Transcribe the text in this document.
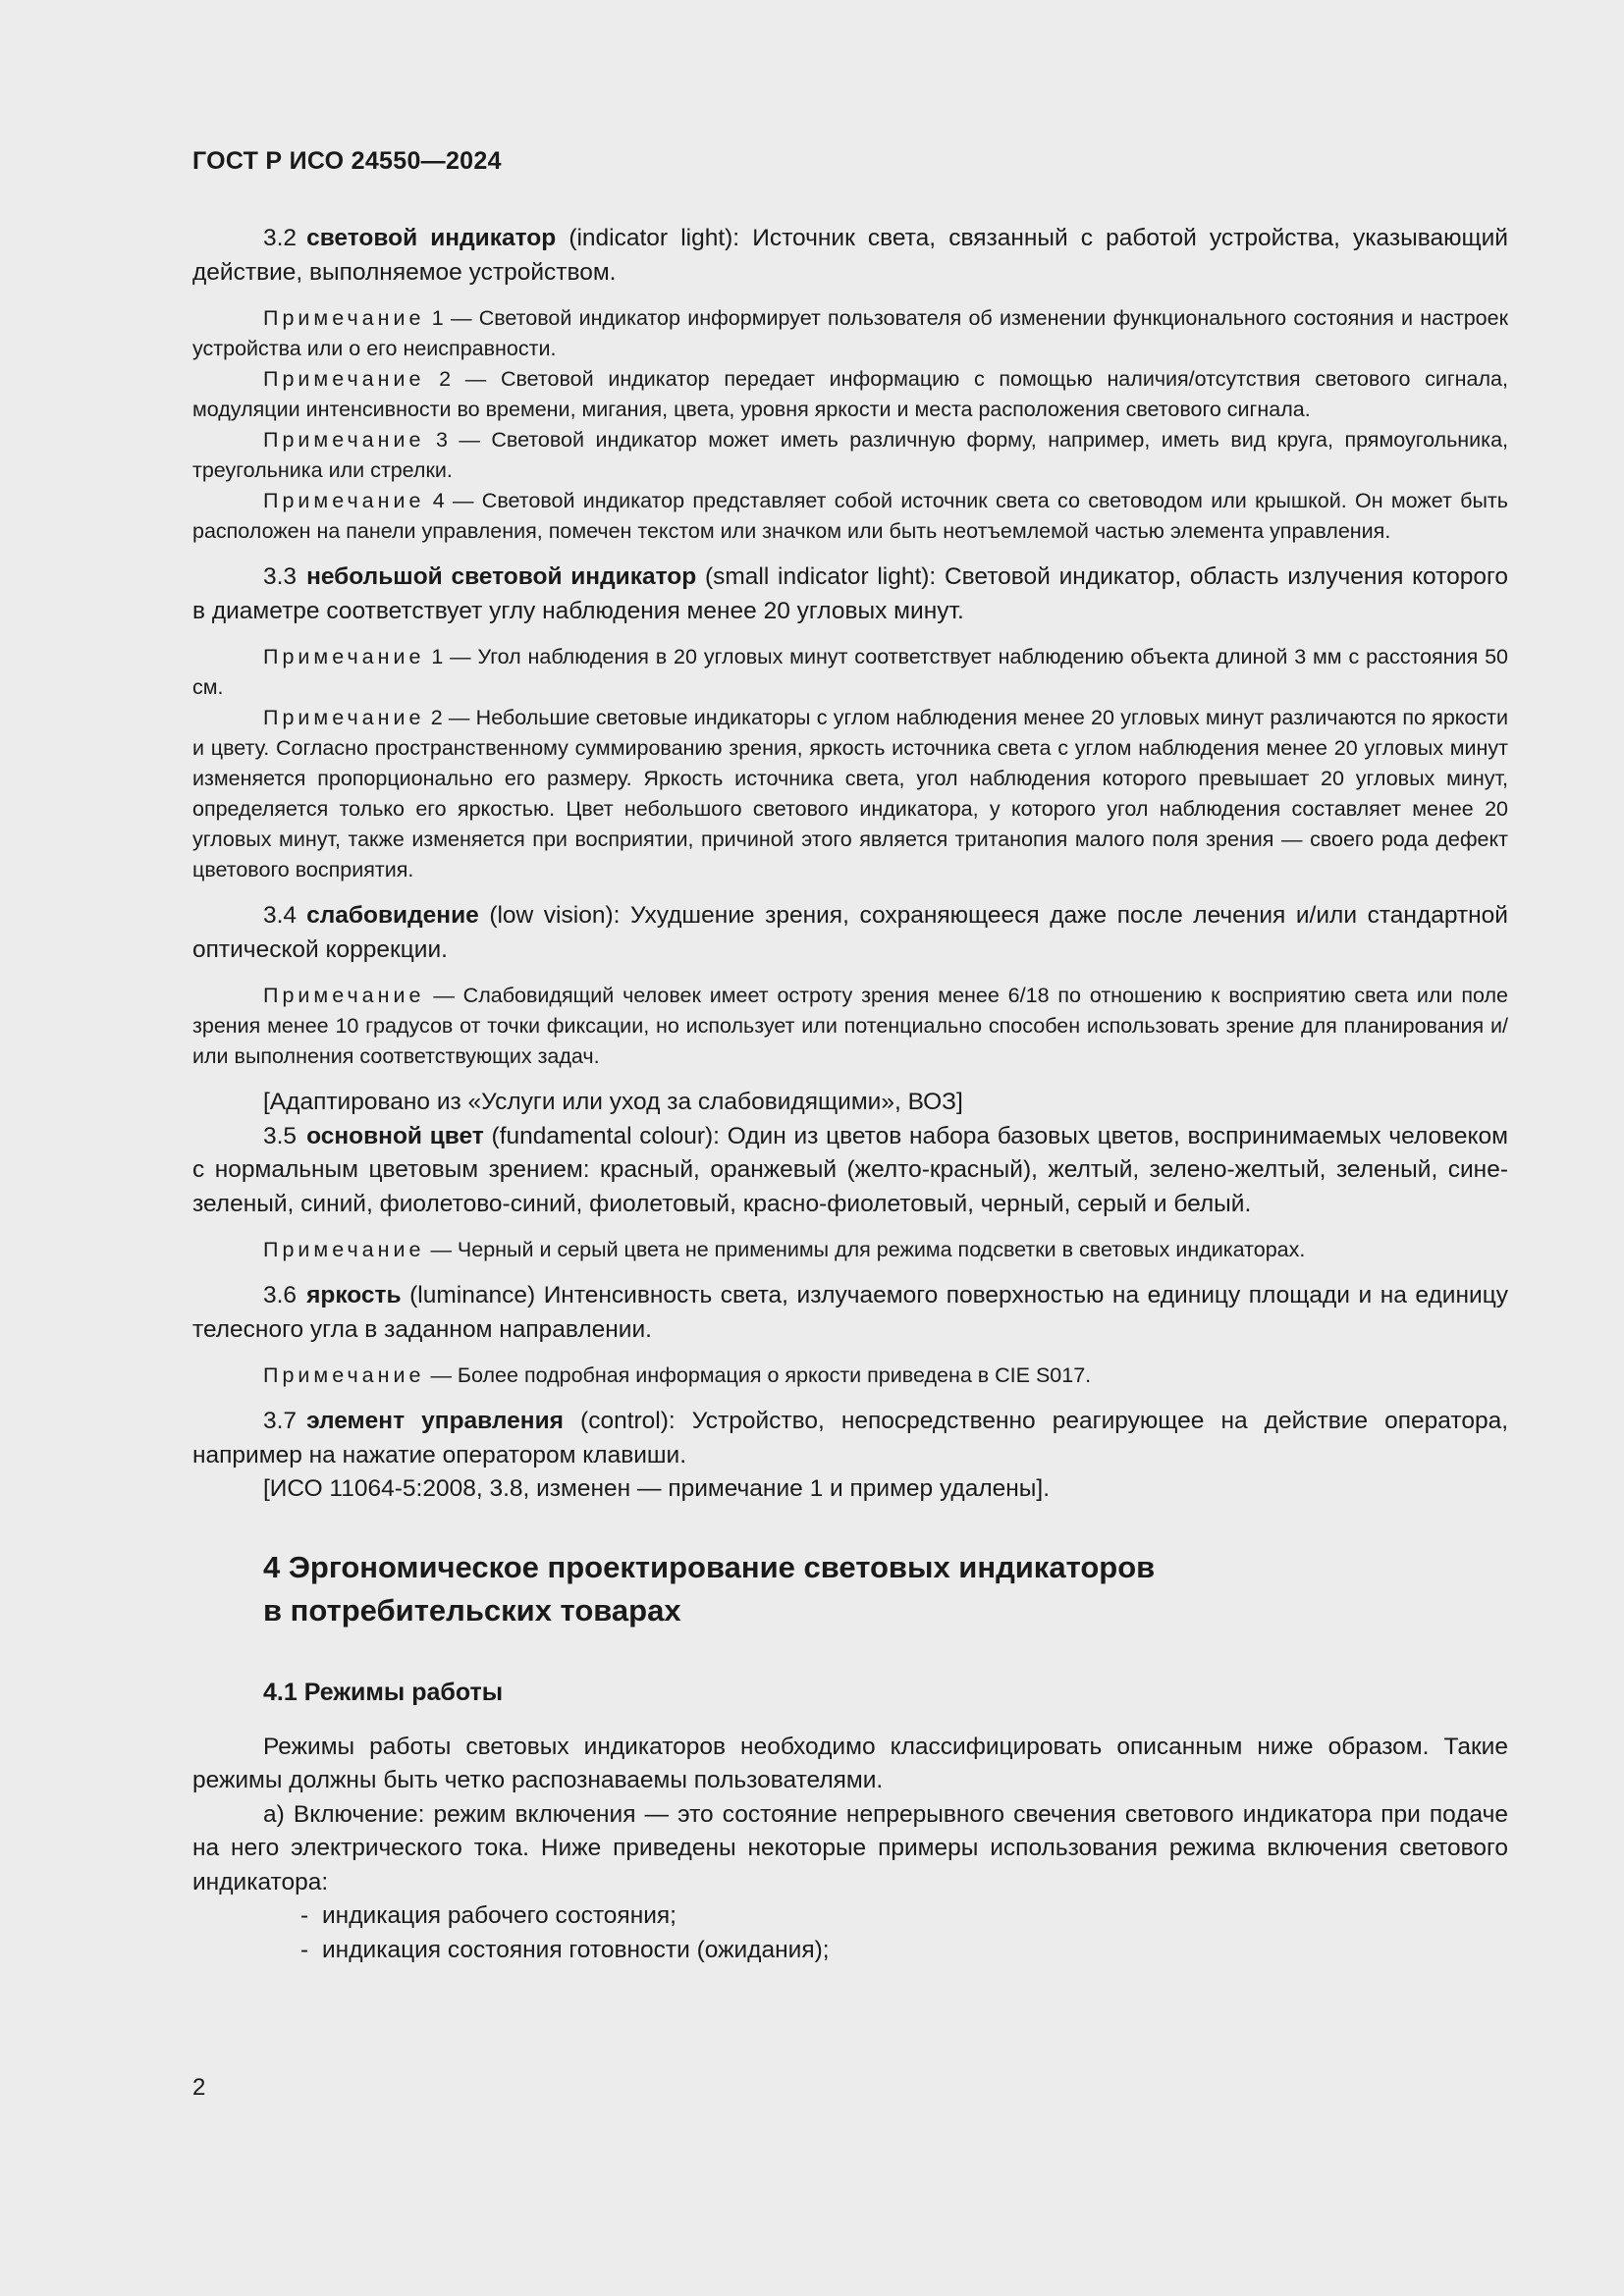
ГОСТ Р ИСО 24550—2024

3.2 световой индикатор (indicator light): Источник света, связанный с работой устройства, указывающий действие, выполняемое устройством.

Примечание 1 — Световой индикатор информирует пользователя об изменении функционального состояния и настроек устройства или о его неисправности.

Примечание 2 — Световой индикатор передает информацию с помощью наличия/отсутствия светового сигнала, модуляции интенсивности во времени, мигания, цвета, уровня яркости и места расположения светового сигнала.

Примечание 3 — Световой индикатор может иметь различную форму, например, иметь вид круга, прямоугольника, треугольника или стрелки.

Примечание 4 — Световой индикатор представляет собой источник света со световодом или крышкой. Он может быть расположен на панели управления, помечен текстом или значком или быть неотъемлемой частью элемента управления.

3.3 небольшой световой индикатор (small indicator light): Световой индикатор, область излучения которого в диаметре соответствует углу наблюдения менее 20 угловых минут.

Примечание 1 — Угол наблюдения в 20 угловых минут соответствует наблюдению объекта длиной 3 мм с расстояния 50 см.

Примечание 2 — Небольшие световые индикаторы с углом наблюдения менее 20 угловых минут различаются по яркости и цвету. Согласно пространственному суммированию зрения, яркость источника света с углом наблюдения менее 20 угловых минут изменяется пропорционально его размеру. Яркость источника света, угол наблюдения которого превышает 20 угловых минут, определяется только его яркостью. Цвет небольшого светового индикатора, у которого угол наблюдения составляет менее 20 угловых минут, также изменяется при восприятии, причиной этого является тританопия малого поля зрения — своего рода дефект цветового восприятия.

3.4 слабовидение (low vision): Ухудшение зрения, сохраняющееся даже после лечения и/или стандартной оптической коррекции.

Примечание — Слабовидящий человек имеет остроту зрения менее 6/18 по отношению к восприятию света или поле зрения менее 10 градусов от точки фиксации, но использует или потенциально способен использовать зрение для планирования и/или выполнения соответствующих задач.

[Адаптировано из «Услуги или уход за слабовидящими», ВОЗ]

3.5 основной цвет (fundamental colour): Один из цветов набора базовых цветов, воспринимаемых человеком с нормальным цветовым зрением: красный, оранжевый (желто-красный), желтый, зелено-желтый, зеленый, сине-зеленый, синий, фиолетово-синий, фиолетовый, красно-фиолетовый, черный, серый и белый.

Примечание — Черный и серый цвета не применимы для режима подсветки в световых индикаторах.

3.6 яркость (luminance) Интенсивность света, излучаемого поверхностью на единицу площади и на единицу телесного угла в заданном направлении.

Примечание — Более подробная информация о яркости приведена в CIE S017.

3.7 элемент управления (control): Устройство, непосредственно реагирующее на действие оператора, например на нажатие оператором клавиши.

[ИСО 11064-5:2008, 3.8, изменен — примечание 1 и пример удалены].

4 Эргономическое проектирование световых индикаторов
в потребительских товарах
4.1 Режимы работы

Режимы работы световых индикаторов необходимо классифицировать описанным ниже образом. Такие режимы должны быть четко распознаваемы пользователями.

а) Включение: режим включения — это состояние непрерывного свечения светового индикатора при подаче на него электрического тока. Ниже приведены некоторые примеры использования режима включения светового индикатора:

- индикация рабочего состояния;
- индикация состояния готовности (ожидания);
2
